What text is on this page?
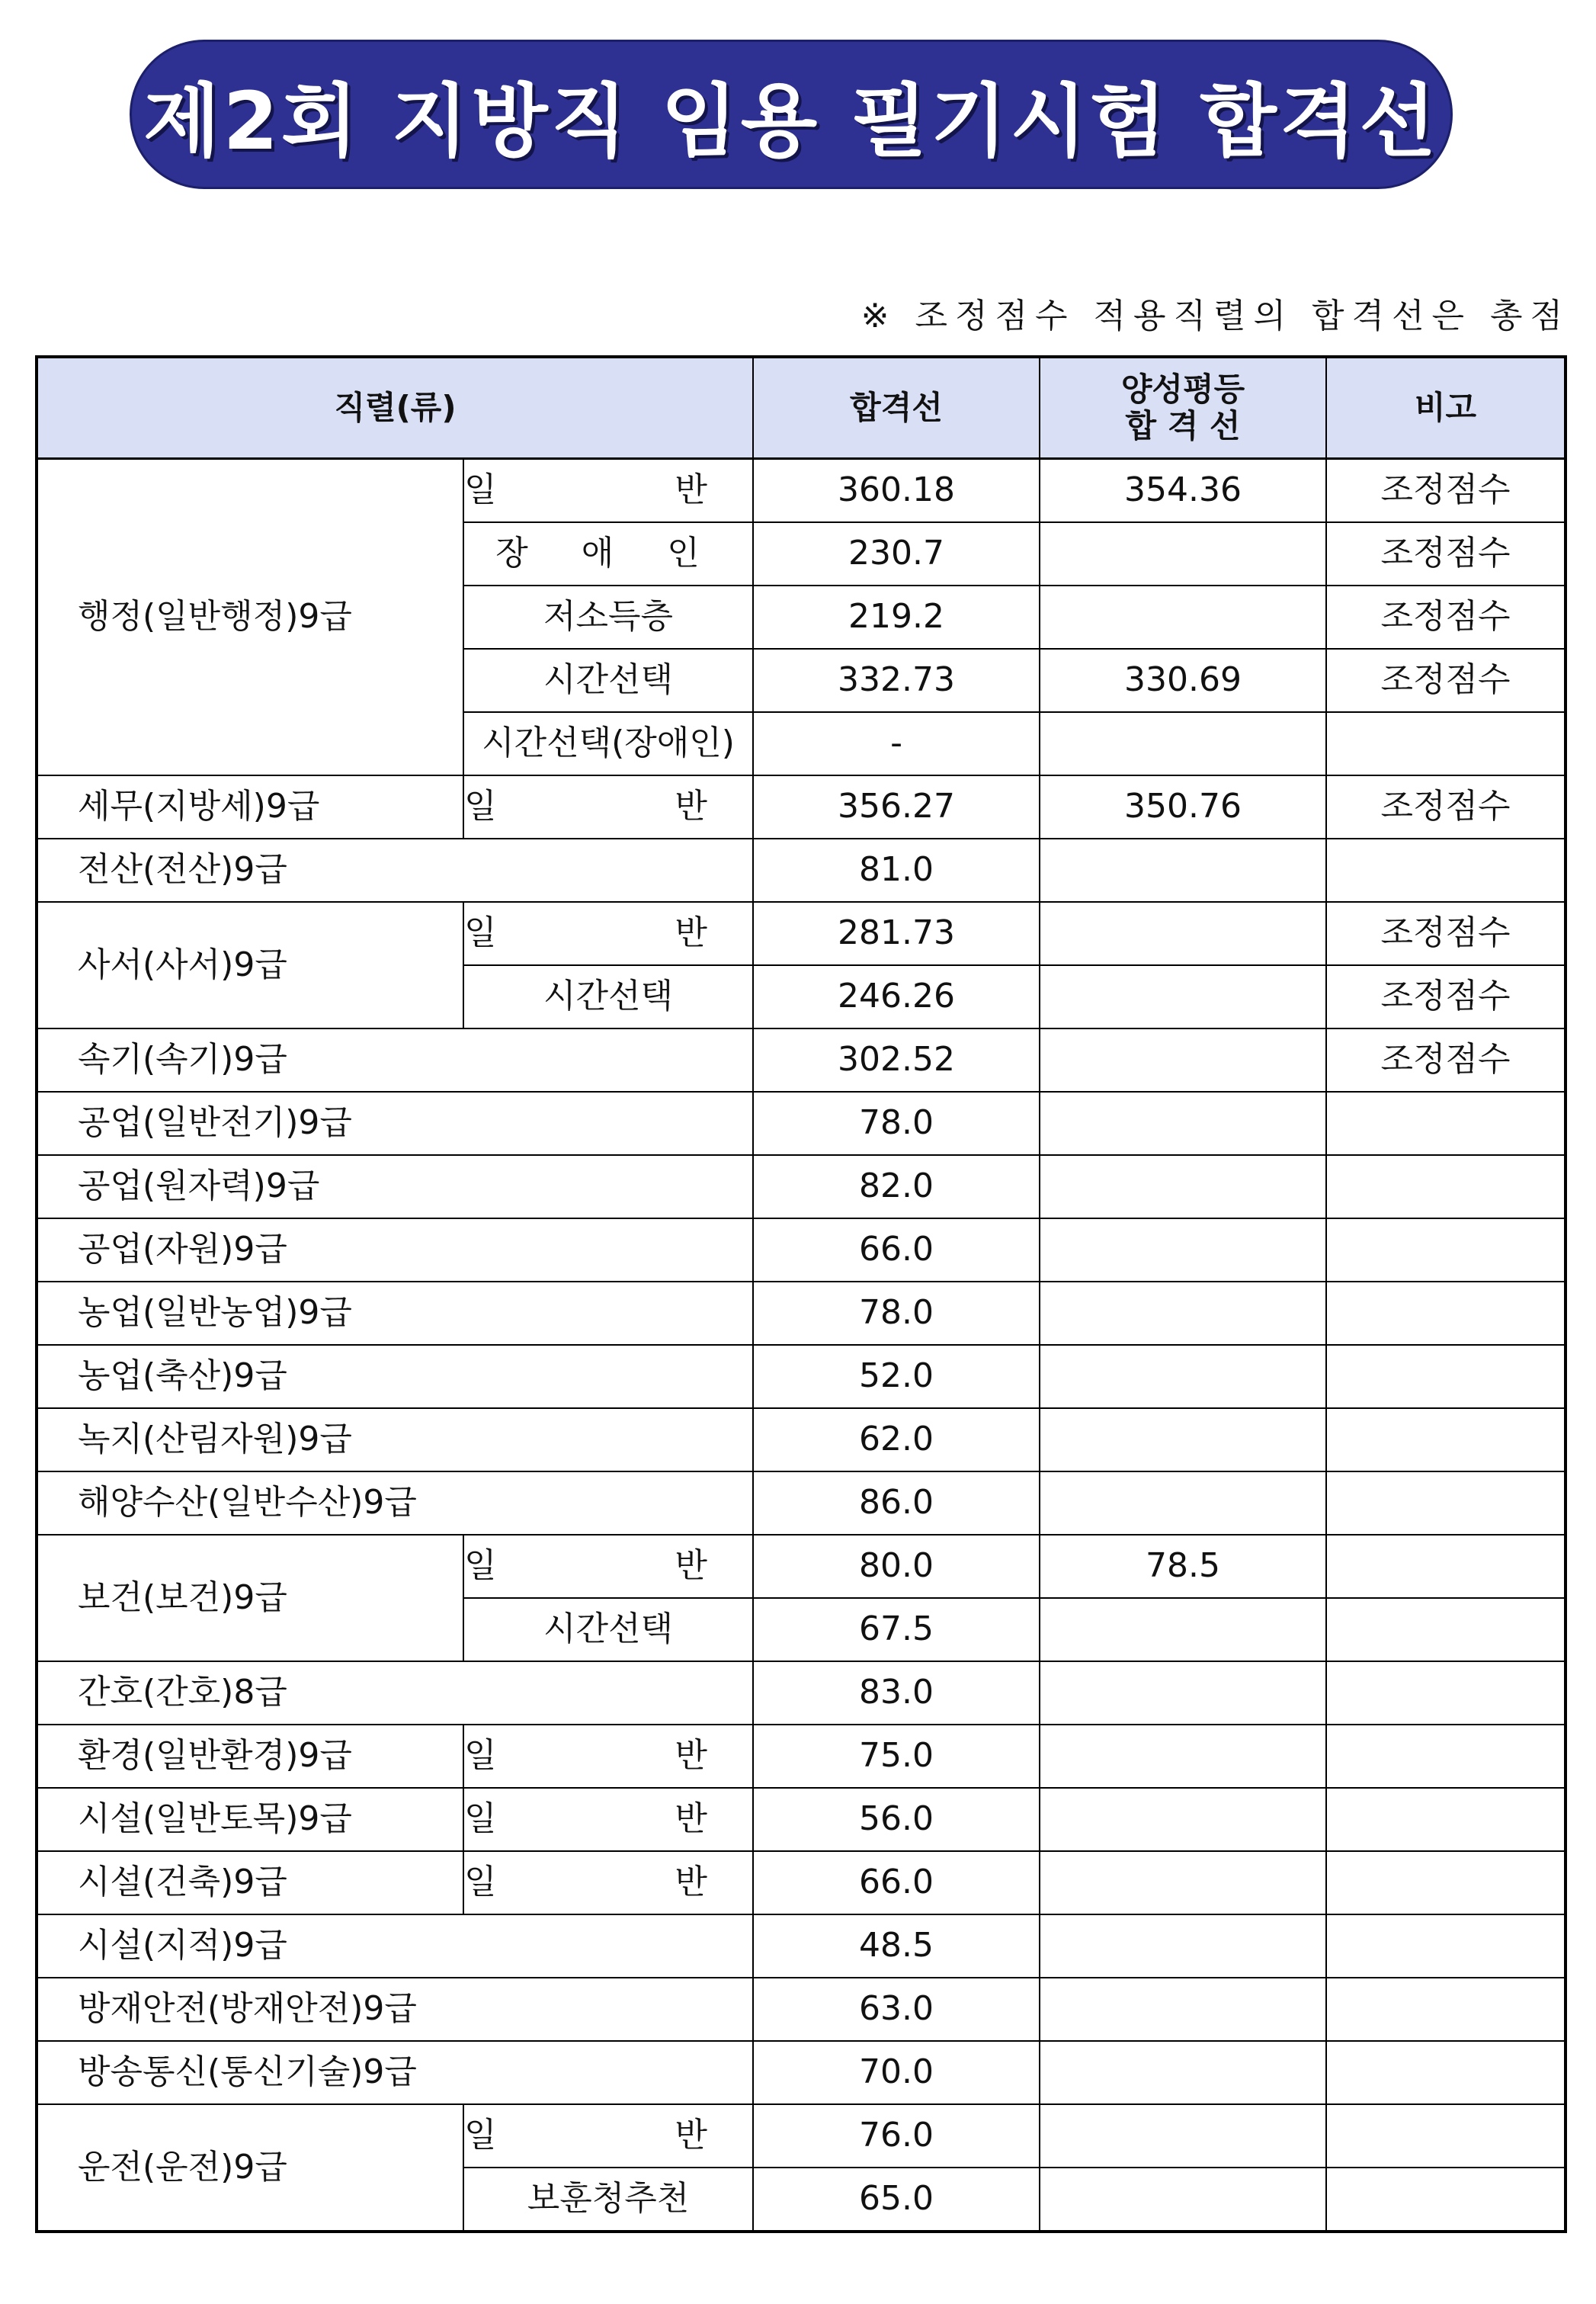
제2회 지방직 임용 필기시험 합격선
※ 조정점수 적용직렬의 합격선은 총점
직렬(류)		합격선	양성평등
합 격 선	비고
행정(일반행정)9급	일 반	360.18	354.36	조정점수
	장 애 인	230.7		조정점수
	저소득층	219.2		조정점수
	시간선택	332.73	330.69	조정점수
	시간선택(장애인)	-		
세무(지방세)9급	일 반	356.27	350.76	조정점수
전산(전산)9급		81.0		
사서(사서)9급	일 반	281.73		조정점수
	시간선택	246.26		조정점수
속기(속기)9급		302.52		조정점수
공업(일반전기)9급		78.0		
공업(원자력)9급		82.0		
공업(자원)9급		66.0		
농업(일반농업)9급		78.0		
농업(축산)9급		52.0		
녹지(산림자원)9급		62.0		
해양수산(일반수산)9급		86.0		
보건(보건)9급	일 반	80.0	78.5	
	시간선택	67.5		
간호(간호)8급		83.0		
환경(일반환경)9급	일 반	75.0		
시설(일반토목)9급	일 반	56.0		
시설(건축)9급	일 반	66.0		
시설(지적)9급		48.5		
방재안전(방재안전)9급		63.0		
방송통신(통신기술)9급		70.0		
운전(운전)9급	일 반	76.0		
	보훈청추천	65.0		
